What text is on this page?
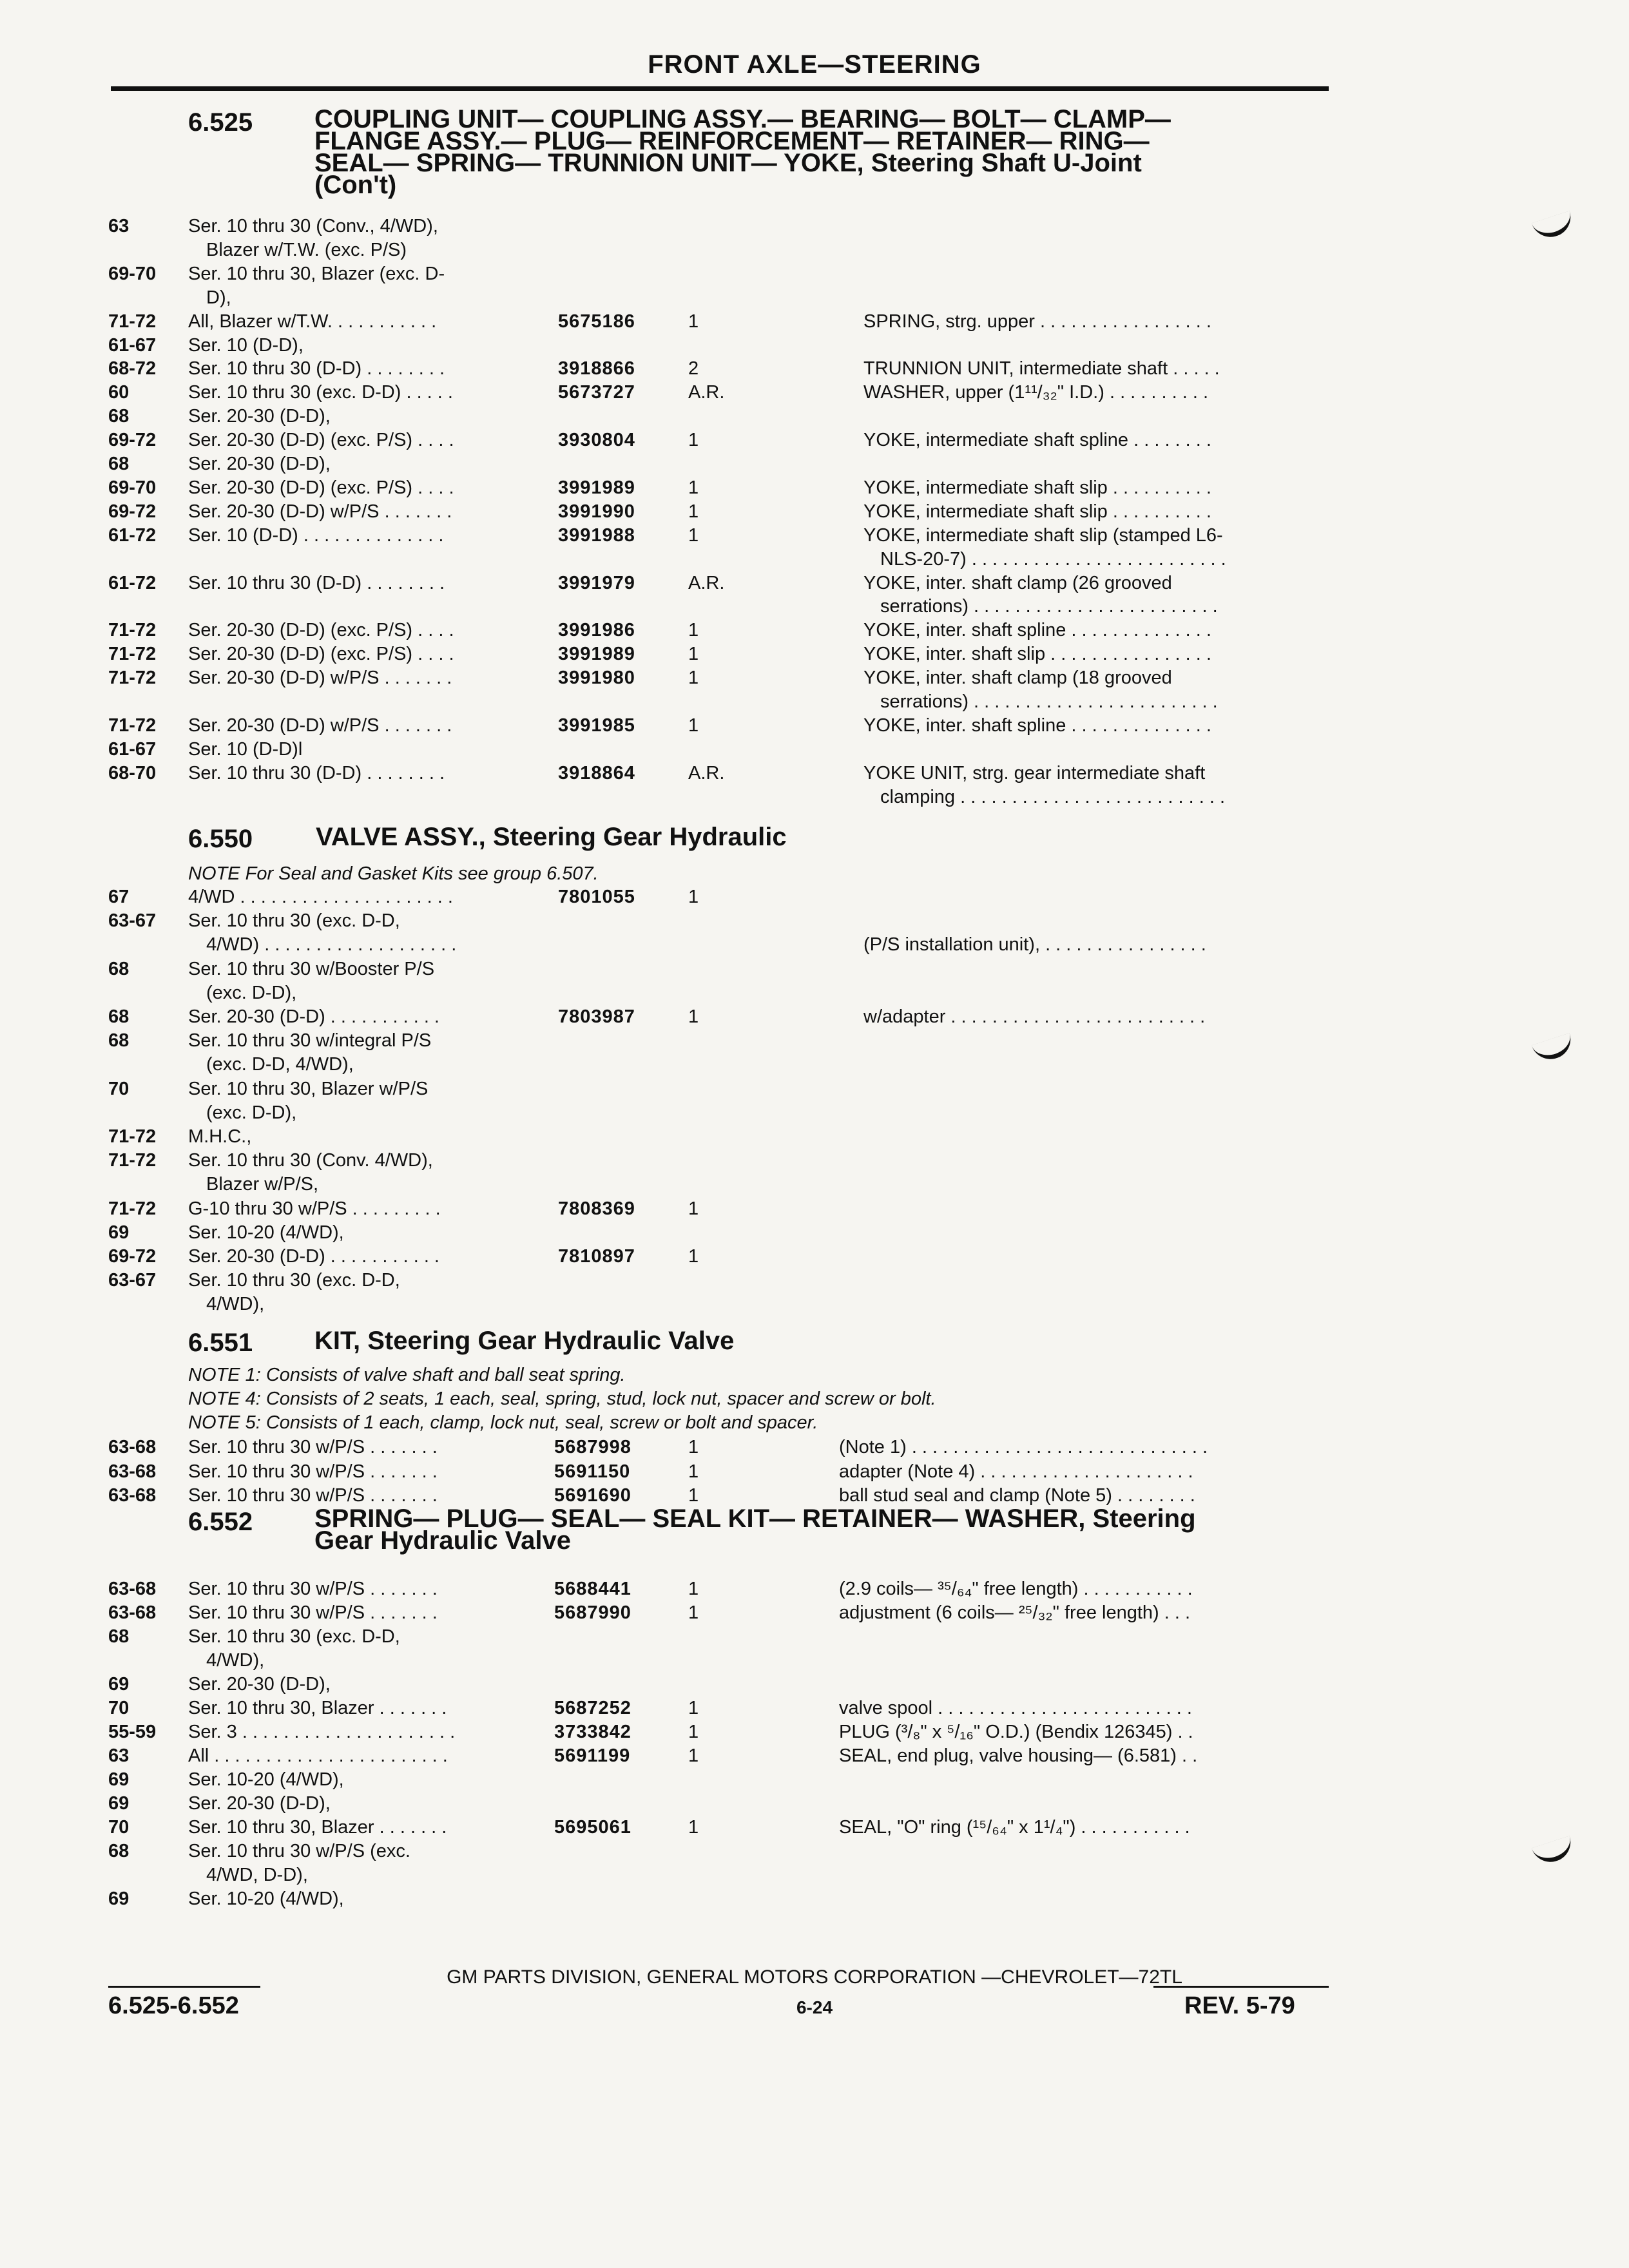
FRONT AXLE—STEERING
6.525 COUPLING UNIT— COUPLING ASSY.— BEARING— BOLT— CLAMP—
FLANGE ASSY.— PLUG— REINFORCEMENT— RETAINER— RING—
SEAL— SPRING— TRUNNION UNIT— YOKE, Steering Shaft U-Joint
(Con't)
63	Ser. 10 thru 30 (Conv., 4/WD),
Blazer w/T.W. (exc. P/S)
69-70 Ser. 10 thru 30, Blazer (exc. D-
D),
71-72 All, Blazer w/T.W. . . . . . . . . . .	5675186	1	SPRING, strg. upper . . . . . . . . . . . . . . . . .
61-67 Ser. 10 (D-D),
68-72 Ser. 10 thru 30 (D-D) . . . . . . . .	3918866	2	TRUNNION UNIT, intermediate shaft . . . . .
60	Ser. 10 thru 30 (exc. D-D) . . . . .	5673727	A.R.	WASHER, upper (1¹¹/₃₂" I.D.) . . . . . . . . . .
68	Ser. 20-30 (D-D),
69-72 Ser. 20-30 (D-D) (exc. P/S) . . . .	3930804	1	YOKE, intermediate shaft spline . . . . . . . .
68	Ser. 20-30 (D-D),
69-70 Ser. 20-30 (D-D) (exc. P/S) . . . .	3991989	1	YOKE, intermediate shaft slip . . . . . . . . . .
69-72 Ser. 20-30 (D-D) w/P/S . . . . . . .	3991990	1	YOKE, intermediate shaft slip . . . . . . . . . .
61-72 Ser. 10 (D-D) . . . . . . . . . . . . . .	3991988	1	YOKE, intermediate shaft slip (stamped L6-
NLS-20-7) . . . . . . . . . . . . . . . . . . . . . . . . .
61-72 Ser. 10 thru 30 (D-D) . . . . . . . .	3991979	A.R.	YOKE, inter. shaft clamp (26 grooved
serrations) . . . . . . . . . . . . . . . . . . . . . . . .
71-72 Ser. 20-30 (D-D) (exc. P/S) . . . .	3991986	1	YOKE, inter. shaft spline . . . . . . . . . . . . . .
71-72 Ser. 20-30 (D-D) (exc. P/S) . . . .	3991989	1	YOKE, inter. shaft slip . . . . . . . . . . . . . . . .
71-72 Ser. 20-30 (D-D) w/P/S . . . . . . .	3991980	1	YOKE, inter. shaft clamp (18 grooved
serrations) . . . . . . . . . . . . . . . . . . . . . . . .
71-72 Ser. 20-30 (D-D) w/P/S . . . . . . .	3991985	1	YOKE, inter. shaft spline . . . . . . . . . . . . . .
61-67 Ser. 10 (D-D)l
68-70 Ser. 10 thru 30 (D-D) . . . . . . . .	3918864	A.R.	YOKE UNIT, strg. gear intermediate shaft
clamping . . . . . . . . . . . . . . . . . . . . . . . . . .
6.550 VALVE ASSY., Steering Gear Hydraulic
NOTE For Seal and Gasket Kits see group 6.507.
67	4/WD . . . . . . . . . . . . . . . . . . . . .	7801055	1
63-67 Ser. 10 thru 30 (exc. D-D,
4/WD) . . . . . . . . . . . . . . . . . . .	(P/S installation unit), . . . . . . . . . . . . . . . .
68	Ser. 10 thru 30 w/Booster P/S
(exc. D-D),
68	Ser. 20-30 (D-D) . . . . . . . . . . .	7803987	1	w/adapter . . . . . . . . . . . . . . . . . . . . . . . . .
68	Ser. 10 thru 30 w/integral P/S
(exc. D-D, 4/WD),
70	Ser. 10 thru 30, Blazer w/P/S
(exc. D-D),
71-72 M.H.C.,
71-72 Ser. 10 thru 30 (Conv. 4/WD),
Blazer w/P/S,
71-72 G-10 thru 30 w/P/S . . . . . . . . .	7808369	1
69	Ser. 10-20 (4/WD),
69-72 Ser. 20-30 (D-D) . . . . . . . . . . .	7810897	1
63-67 Ser. 10 thru 30 (exc. D-D,
4/WD),
6.551 KIT, Steering Gear Hydraulic Valve
NOTE 1: Consists of valve shaft and ball seat spring.
NOTE 4: Consists of 2 seats, 1 each, seal, spring, stud, lock nut, spacer and screw or bolt.
NOTE 5: Consists of 1 each, clamp, lock nut, seal, screw or bolt and spacer.
63-68 Ser. 10 thru 30 w/P/S . . . . . . .	5687998	1	(Note 1) . . . . . . . . . . . . . . . . . . . . . . . . . . . . .
63-68 Ser. 10 thru 30 w/P/S . . . . . . .	5691150	1	adapter (Note 4) . . . . . . . . . . . . . . . . . . . . .
63-68 Ser. 10 thru 30 w/P/S . . . . . . .	5691690	1	ball stud seal and clamp (Note 5) . . . . . . . .
6.552 SPRING— PLUG— SEAL— SEAL KIT— RETAINER— WASHER, Steering
Gear Hydraulic Valve
63-68 Ser. 10 thru 30 w/P/S . . . . . . .	5688441	1	(2.9 coils— ³⁵/₆₄" free length) . . . . . . . . . . .
63-68 Ser. 10 thru 30 w/P/S . . . . . . .	5687990	1	adjustment (6 coils— ²⁵/₃₂" free length) . . .
68	Ser. 10 thru 30 (exc. D-D,
4/WD),
69	Ser. 20-30 (D-D),
70	Ser. 10 thru 30, Blazer . . . . . . .	5687252	1	valve spool . . . . . . . . . . . . . . . . . . . . . . . . .
55-59 Ser. 3 . . . . . . . . . . . . . . . . . . . . .	3733842	1	PLUG (³/₈" x ⁵/₁₆" O.D.) (Bendix 126345) . .
63	All . . . . . . . . . . . . . . . . . . . . . . .	5691199	1	SEAL, end plug, valve housing— (6.581) . .
69	Ser. 10-20 (4/WD),
69	Ser. 20-30 (D-D),
70	Ser. 10 thru 30, Blazer . . . . . . .	5695061	1	SEAL, "O" ring (¹⁵/₆₄" x 1¹/₄") . . . . . . . . . . .
68	Ser. 10 thru 30 w/P/S (exc.
4/WD, D-D),
69	Ser. 10-20 (4/WD),
GM PARTS DIVISION, GENERAL MOTORS CORPORATION —CHEVROLET—72TL
6.525-6.552	6-24	REV. 5-79
